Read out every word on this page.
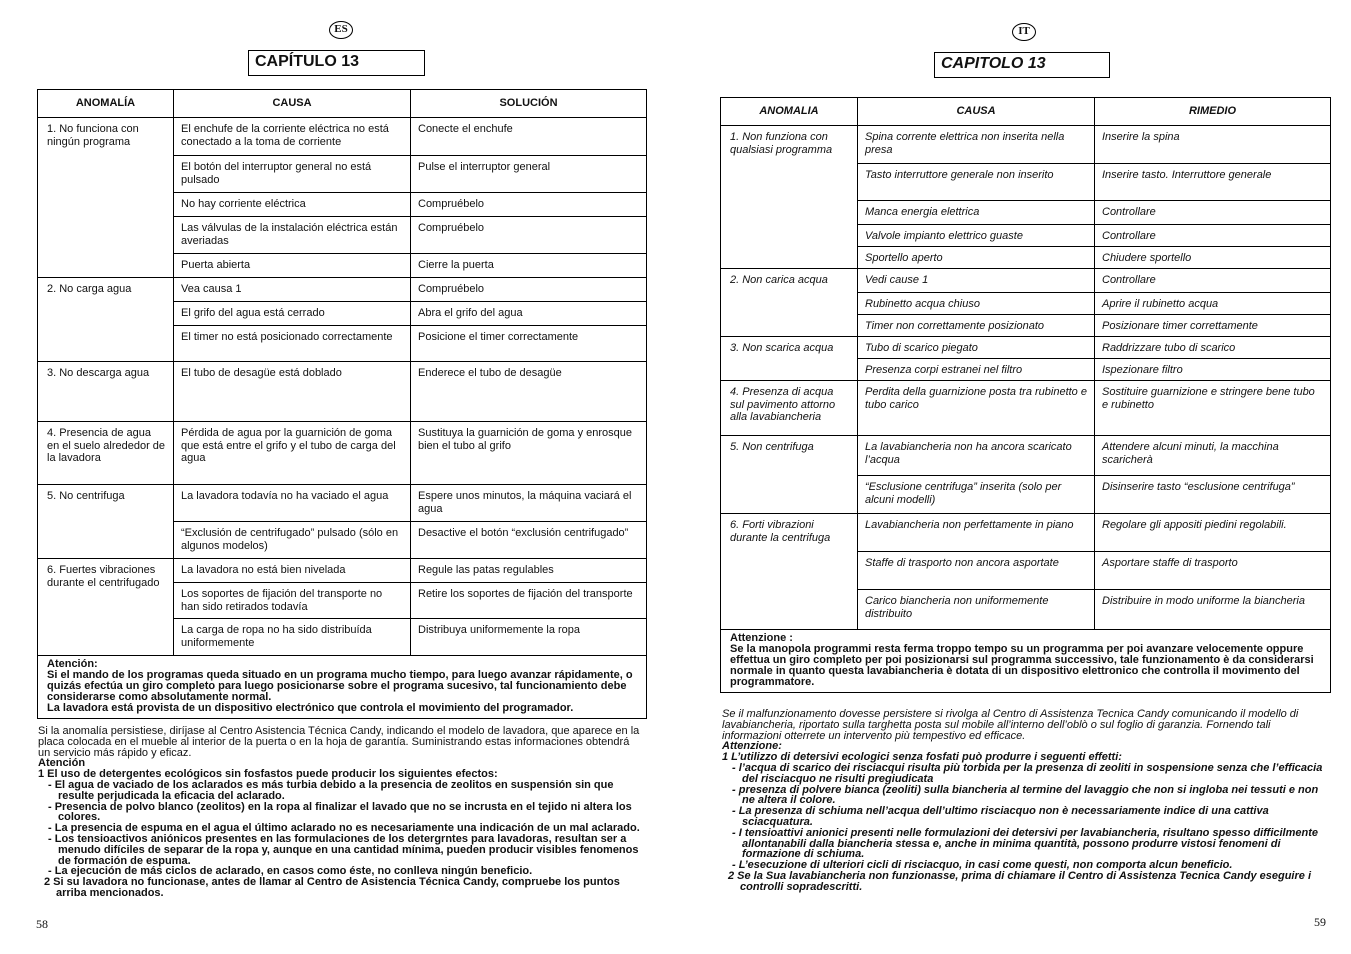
ES
CAPÍTULO 13
ANOMALÍA	CAUSA	SOLUCIÓN
1. No funciona con ningún programa	El enchufe de la corriente eléctrica no está conectado a la toma de corriente	Conecte el enchufe
	El botón del interruptor general no está pulsado	Pulse el interruptor general
	No hay corriente eléctrica	Compruébelo
	Las válvulas de la instalación eléctrica están averiadas	Compruébelo
	Puerta abierta	Cierre la puerta
2. No carga agua	Vea causa 1	Compruébelo
	El grifo del agua está cerrado	Abra el grifo del agua
	El timer no está posicionado correctamente	Posicione el timer correctamente
3. No descarga agua	El tubo de desagüe está doblado	Enderece el tubo de desagüe
4. Presencia de agua en el suelo alrededor de la lavadora	Pérdida de agua por la guarnición de goma que está entre el grifo y el tubo de carga del agua	Sustituya la guarnición de goma y enrosque bien el tubo al grifo
5. No centrifuga	La lavadora todavía no ha vaciado el agua	Espere unos minutos, la máquina vaciará el agua
	“Exclusión de centrifugado” pulsado (sólo en algunos modelos)	Desactive el botón “exclusión centrifugado”
6. Fuertes vibraciones durante el centrifugado	La lavadora no está bien nivelada	Regule las patas regulables
	Los soportes de fijación del transporte no han sido retirados todavía	Retire los soportes de fijación del transporte
	La carga de ropa no ha sido distribuída uniformemente	Distribuya uniformemente la ropa

Atención:
Si el mando de los programas queda situado en un programa mucho tiempo, para luego avanzar rápidamente, o quizás efectúa un giro completo para luego posicionarse sobre el programa sucesivo, tal funcionamiento debe considerarse como absolutamente normal.
La lavadora está provista de un dispositivo electrónico que controla el movimiento del programador.		

Si la anomalía persistiese, diríjase al Centro Asistencia Técnica Candy, indicando el modelo de lavadora, que aparece en la placa colocada en el mueble al interior de la puerta o en la hoja de garantía. Suministrando estas informaciones obtendrá un servicio más rápido y eficaz.

Atención

1 El uso de detergentes ecológicos sin fosfastos puede producir los siguientes efectos:

- El agua de vaciado de los aclarados es más turbia debido a la presencia de zeolitos en suspensión sin que resulte perjudicada la eficacia del aclarado.

- Presencia de polvo blanco (zeolitos) en la ropa al finalizar el lavado que no se incrusta en el tejido ni altera los colores.

- La presencia de espuma en el agua el último aclarado no es necesariamente una indicación de un mal aclarado.

- Los tensioactivos aniónicos presentes en las formulaciones de los detergrntes para lavadoras, resultan ser a menudo difíciles de separar de la ropa y, aunque en una cantidad mínima, pueden producir visibles fenomenos de formación de espuma.

- La ejecución de más ciclos de aclarado, en casos como éste, no conlleva ningún beneficio.

2 Si su lavadora no funcionase, antes de llamar al Centro de Asistencia Técnica Candy, compruebe los puntos arriba mencionados.

58
IT
CAPITOLO 13
ANOMALIA	CAUSA	RIMEDIO
1. Non funziona con qualsiasi programma	Spina corrente elettrica non inserita nella presa	Inserire la spina
	Tasto interruttore generale non inserito	Inserire tasto. Interruttore generale
	Manca energia elettrica	Controllare
	Valvole impianto elettrico guaste	Controllare
	Sportello aperto	Chiudere sportello
2. Non carica acqua	Vedi cause 1	Controllare
	Rubinetto acqua chiuso	Aprire il rubinetto acqua
	Timer non correttamente posizionato	Posizionare timer correttamente
3. Non scarica acqua	Tubo di scarico piegato	Raddrizzare tubo di scarico
	Presenza corpi estranei nel filtro	Ispezionare filtro
4. Presenza di acqua sul pavimento attorno alla lavabiancheria	Perdita della guarnizione posta tra rubinetto e tubo carico	Sostituire guarnizione e stringere bene tubo e rubinetto
5. Non centrifuga	La lavabiancheria non ha ancora scaricato l’acqua	Attendere alcuni minuti, la macchina scaricherà
	“Esclusione centrifuga” inserita (solo per alcuni modelli)	Disinserire tasto “esclusione centrifuga”
6. Forti vibrazioni durante la centrifuga	Lavabiancheria non perfettamente in piano	Regolare gli appositi piedini regolabili.
	Staffe di trasporto non ancora asportate	Asportare staffe di trasporto
	Carico biancheria non uniformemente distribuito	Distribuire in modo uniforme la biancheria

Attenzione :
Se la manopola programmi resta ferma troppo tempo su un programma per poi avanzare velocemente oppure effettua un giro completo per poi posizionarsi sul programma successivo, tale funzionamento è da considerarsi normale in quanto questa lavabiancheria è dotata di un dispositivo elettronico che controlla il movimento del programmatore.		

Se il malfunzionamento dovesse persistere si rivolga al Centro di Assistenza Tecnica Candy comunicando il modello di lavabiancheria, riportato sulla targhetta posta sul mobile all’interno dell’oblò o sul foglio di garanzia. Fornendo tali informazioni otterrete un intervento più tempestivo ed efficace.

Attenzione:

1 L’utilizzo di detersivi ecologici senza fosfati può produrre i seguenti effetti:

- l’acqua di scarico dei risciacqui risulta più torbida per la presenza di zeoliti in sospensione senza che l’efficacia del risciacquo ne risulti pregiudicata

- presenza di polvere bianca (zeoliti) sulla biancheria al termine del lavaggio che non si ingloba nei tessuti e non ne altera il colore.

- La presenza di schiuma nell’acqua dell’ultimo risciacquo non è necessariamente indice di una cattiva sciacquatura.

- I tensioattivi anionici presenti nelle formulazioni dei detersivi per lavabiancheria, risultano spesso difficilmente allontanabili dalla biancheria stessa e, anche in minima quantità, possono produrre vistosi fenomeni di formazione di schiuma.

- L’esecuzione di ulteriori cicli di risciacquo, in casi come questi, non comporta alcun beneficio.

2 Se la Sua lavabiancheria non funzionasse, prima di chiamare il Centro di Assistenza Tecnica Candy eseguire i controlli sopradescritti.

59
